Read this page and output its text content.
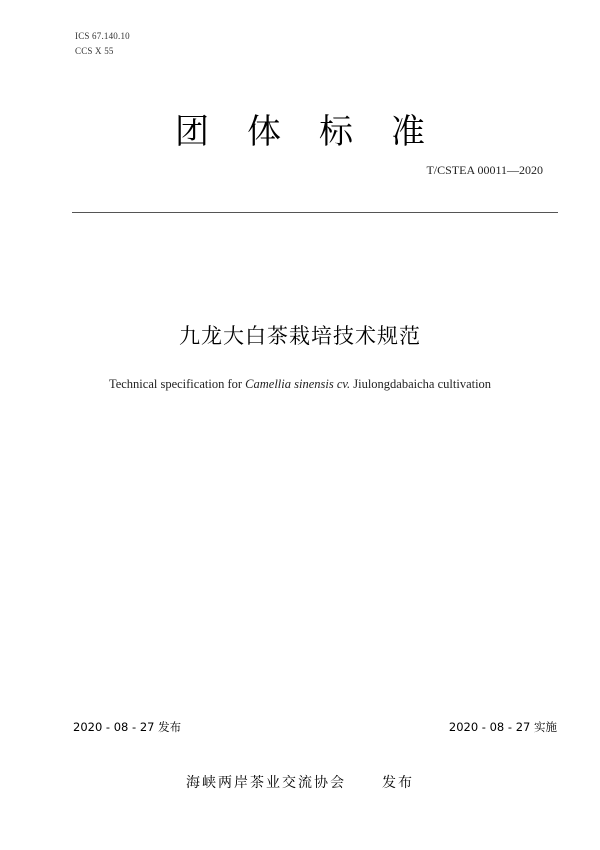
ICS 67.140.10
CCS X 55
团体标准
T/CSTEA 00011—2020
九龙大白茶栽培技术规范
Technical specification for Camellia sinensis cv. Jiulongdabaicha cultivation
2020 - 08 - 27 发布	2020 - 08 - 27 实施
海峡两岸茶业交流协会	发布
